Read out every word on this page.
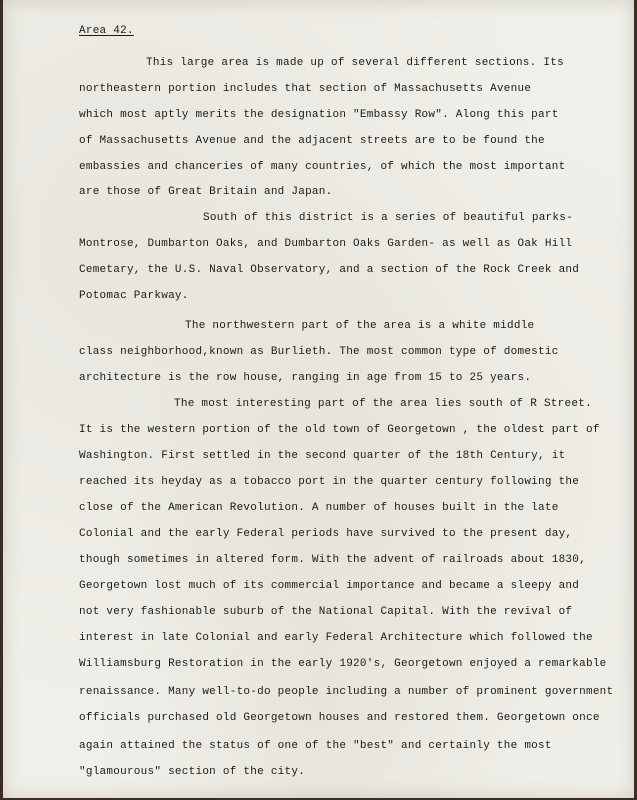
Area 42.

This large area is made up of several different sections. Its

northeastern portion includes that section of Massachusetts Avenue

which most aptly merits the designation "Embassy Row". Along this part

of Massachusetts Avenue and the adjacent streets are to be found the

embassies and chanceries of many countries, of which the most important

are those of Great Britain and Japan.

South of this district is a series of beautiful parks-

Montrose, Dumbarton Oaks, and Dumbarton Oaks Garden- as well as Oak Hill

Cemetary, the U.S. Naval Observatory, and a section of the Rock Creek and

Potomac Parkway.

The northwestern part of the area is a white middle

class neighborhood,known as Burlieth. The most common type of domestic

architecture is the row house, ranging in age from 15 to 25 years.

The most interesting part of the area lies south of R Street.

It is the western portion of the old town of Georgetown , the oldest part of

Washington. First settled in the second quarter of the 18th Century, it

reached its heyday as a tobacco port in the quarter century following the

close of the American Revolution. A number of houses built in the late

Colonial and the early Federal periods have survived to the present day,

though sometimes in altered form. With the advent of railroads about 1830,

Georgetown lost much of its commercial importance and became a sleepy and

not very fashionable suburb of the National Capital. With the revival of

interest in late Colonial and early Federal Architecture which followed the

Williamsburg Restoration in the early 1920's, Georgetown enjoyed a remarkable

renaissance. Many well-to-do people including a number of prominent government

officials purchased old Georgetown houses and restored them. Georgetown once

again attained the status of one of the "best" and certainly the most

"glamourous" section of the city.
